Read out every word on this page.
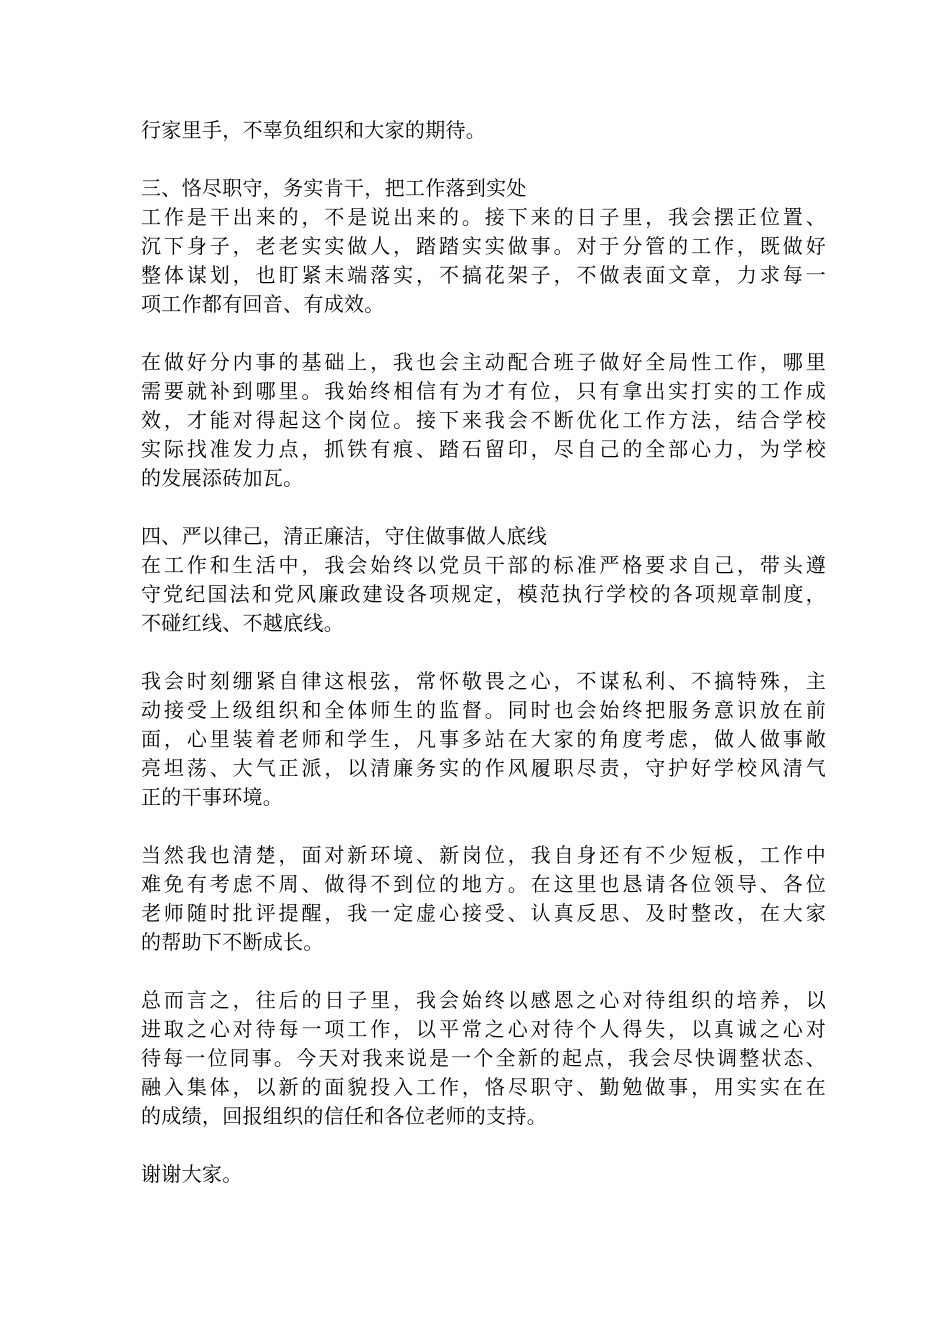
行家里手，不辜负组织和大家的期待。
三、恪尽职守，务实肯干，把工作落到实处
工作是干出来的，不是说出来的。接下来的日子里，我会摆正位置、
沉下身子，老老实实做人，踏踏实实做事。对于分管的工作，既做好
整体谋划，也盯紧末端落实，不搞花架子，不做表面文章，力求每一
项工作都有回音、有成效。
在做好分内事的基础上，我也会主动配合班子做好全局性工作，哪里
需要就补到哪里。我始终相信有为才有位，只有拿出实打实的工作成
效，才能对得起这个岗位。接下来我会不断优化工作方法，结合学校
实际找准发力点，抓铁有痕、踏石留印，尽自己的全部心力，为学校
的发展添砖加瓦。
四、严以律己，清正廉洁，守住做事做人底线
在工作和生活中，我会始终以党员干部的标准严格要求自己，带头遵
守党纪国法和党风廉政建设各项规定，模范执行学校的各项规章制度，
不碰红线、不越底线。
我会时刻绷紧自律这根弦，常怀敬畏之心，不谋私利、不搞特殊，主
动接受上级组织和全体师生的监督。同时也会始终把服务意识放在前
面，心里装着老师和学生，凡事多站在大家的角度考虑，做人做事敞
亮坦荡、大气正派，以清廉务实的作风履职尽责，守护好学校风清气
正的干事环境。
当然我也清楚，面对新环境、新岗位，我自身还有不少短板，工作中
难免有考虑不周、做得不到位的地方。在这里也恳请各位领导、各位
老师随时批评提醒，我一定虚心接受、认真反思、及时整改，在大家
的帮助下不断成长。
总而言之，往后的日子里，我会始终以感恩之心对待组织的培养，以
进取之心对待每一项工作，以平常之心对待个人得失，以真诚之心对
待每一位同事。今天对我来说是一个全新的起点，我会尽快调整状态、
融入集体，以新的面貌投入工作，恪尽职守、勤勉做事，用实实在在
的成绩，回报组织的信任和各位老师的支持。
谢谢大家。
